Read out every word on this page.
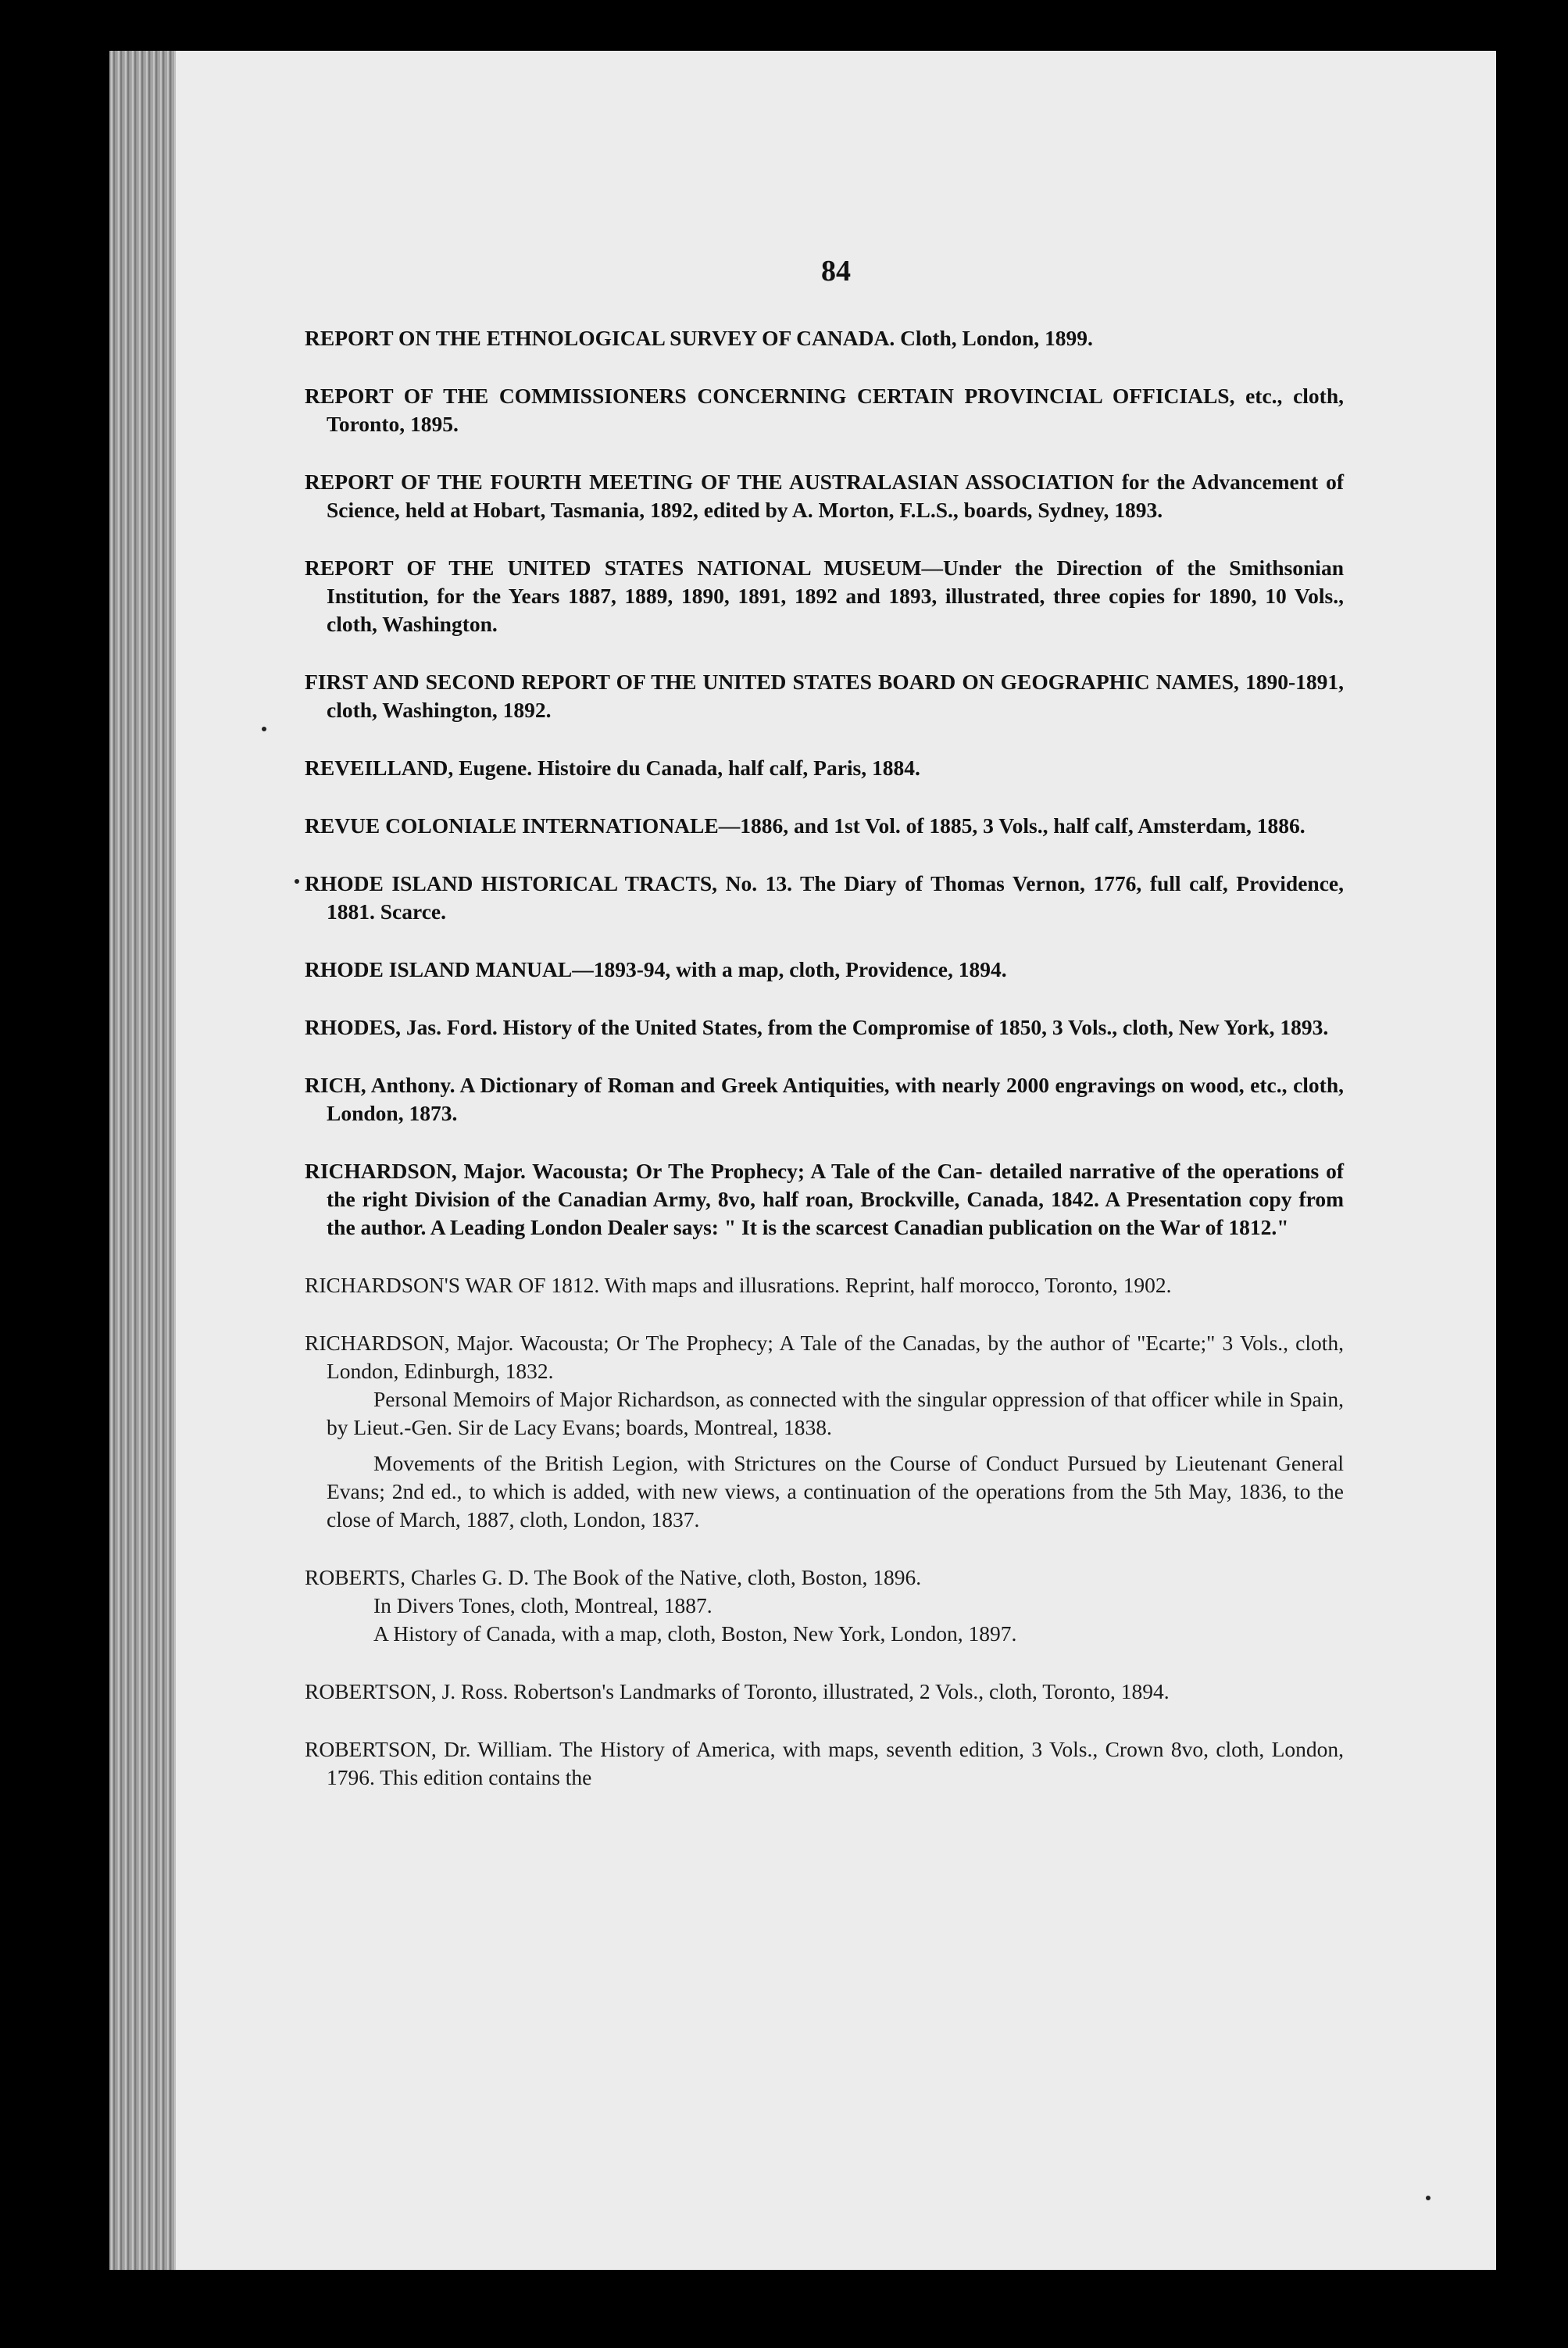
84

REPORT ON THE ETHNOLOGICAL SURVEY OF CANADA. Cloth, London, 1899.

REPORT OF THE COMMISSIONERS CONCERNING CERTAIN PROVINCIAL OFFICIALS, etc., cloth, Toronto, 1895.

REPORT OF THE FOURTH MEETING OF THE AUSTRALASIAN ASSOCIATION for the Advancement of Science, held at Hobart, Tasmania, 1892, edited by A. Morton, F.L.S., boards, Sydney, 1893.

REPORT OF THE UNITED STATES NATIONAL MUSEUM—Under the Direction of the Smithsonian Institution, for the Years 1887, 1889, 1890, 1891, 1892 and 1893, illustrated, three copies for 1890, 10 Vols., cloth, Washington.

FIRST AND SECOND REPORT OF THE UNITED STATES BOARD ON GEOGRAPHIC NAMES, 1890-1891, cloth, Washington, 1892.

REVEILLAND, Eugene. Histoire du Canada, half calf, Paris, 1884.

REVUE COLONIALE INTERNATIONALE—1886, and 1st Vol. of 1885, 3 Vols., half calf, Amsterdam, 1886.

RHODE ISLAND HISTORICAL TRACTS, No. 13. The Diary of Thomas Vernon, 1776, full calf, Providence, 1881. Scarce.

RHODE ISLAND MANUAL—1893-94, with a map, cloth, Providence, 1894.

RHODES, Jas. Ford. History of the United States, from the Compromise of 1850, 3 Vols., cloth, New York, 1893.

RICH, Anthony. A Dictionary of Roman and Greek Antiquities, with nearly 2000 engravings on wood, etc., cloth, London, 1873.

RICHARDSON, Major. Wacousta; Or The Prophecy; A Tale of the Can- detailed narrative of the operations of the right Division of the Canadian Army, 8vo, half roan, Brockville, Canada, 1842. A Presentation copy from the author. A Leading London Dealer says: " It is the scarcest Canadian publication on the War of 1812."

RICHARDSON'S WAR OF 1812. With maps and illusrations. Reprint, half morocco, Toronto, 1902.

RICHARDSON, Major. Wacousta; Or The Prophecy; A Tale of the Canadas, by the author of "Ecarte;" 3 Vols., cloth, London, Edinburgh, 1832.
Personal Memoirs of Major Richardson, as connected with the singular oppression of that officer while in Spain, by Lieut.-Gen. Sir de Lacy Evans; boards, Montreal, 1838.
Movements of the British Legion, with Strictures on the Course of Conduct Pursued by Lieutenant General Evans; 2nd ed., to which is added, with new views, a continuation of the operations from the 5th May, 1836, to the close of March, 1887, cloth, London, 1837.
ROBERTS, Charles G. D. The Book of the Native, cloth, Boston, 1896.
In Divers Tones, cloth, Montreal, 1887.
A History of Canada, with a map, cloth, Boston, New York, London, 1897.

ROBERTSON, J. Ross. Robertson's Landmarks of Toronto, illustrated, 2 Vols., cloth, Toronto, 1894.

ROBERTSON, Dr. William. The History of America, with maps, seventh edition, 3 Vols., Crown 8vo, cloth, London, 1796. This edition contains the
